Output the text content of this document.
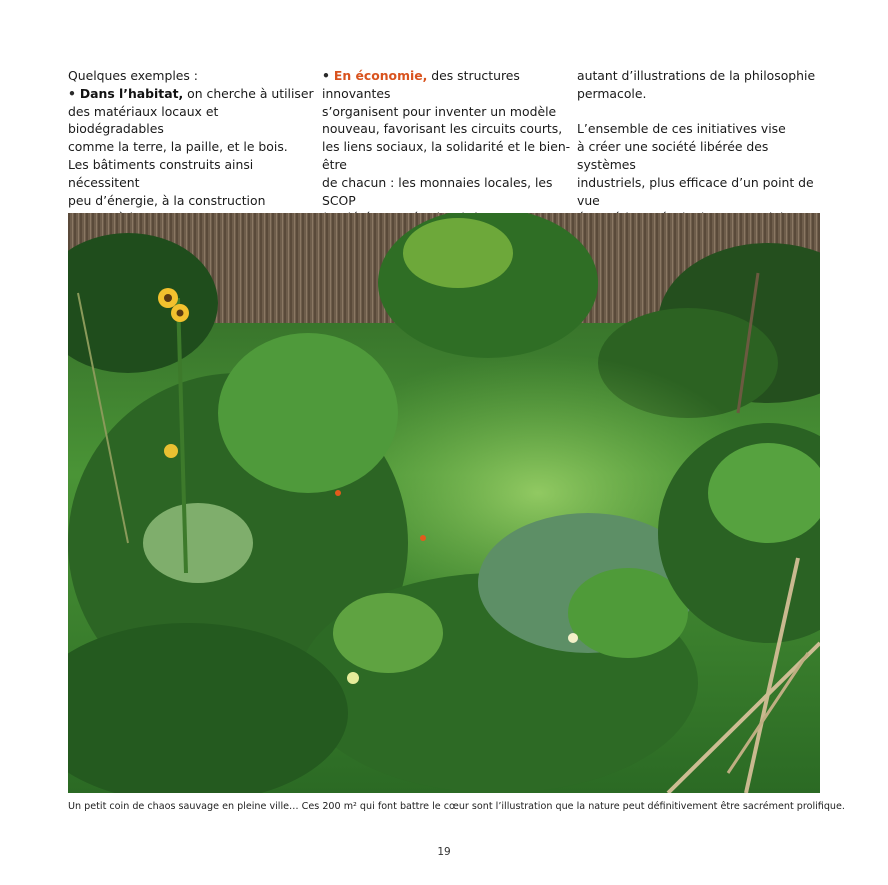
Quelques exemples :

• Dans l’habitat, on cherche à utiliser

des matériaux locaux et biodégradables

comme la terre, la paille, et le bois.

Les bâtiments construits ainsi nécessitent

peu d’énergie, à la construction

• En économie, des structures innovantes

s’organisent pour inventer un modèle

nouveau, favorisant les circuits courts,

les liens sociaux, la solidarité et le bien-être

de chacun : les monnaies locales, les SCOP

autant d’illustrations de la philosophie

permacole.

L’ensemble de ces initiatives vise

à créer une société libérée des systèmes

industriels, plus efficace d’un point de vue

Un petit coin de chaos sauvage en pleine ville… Ces 200 m² qui font battre le cœur sont l’illustration que la nature peut définitivement être sacrément prolifique.
19
